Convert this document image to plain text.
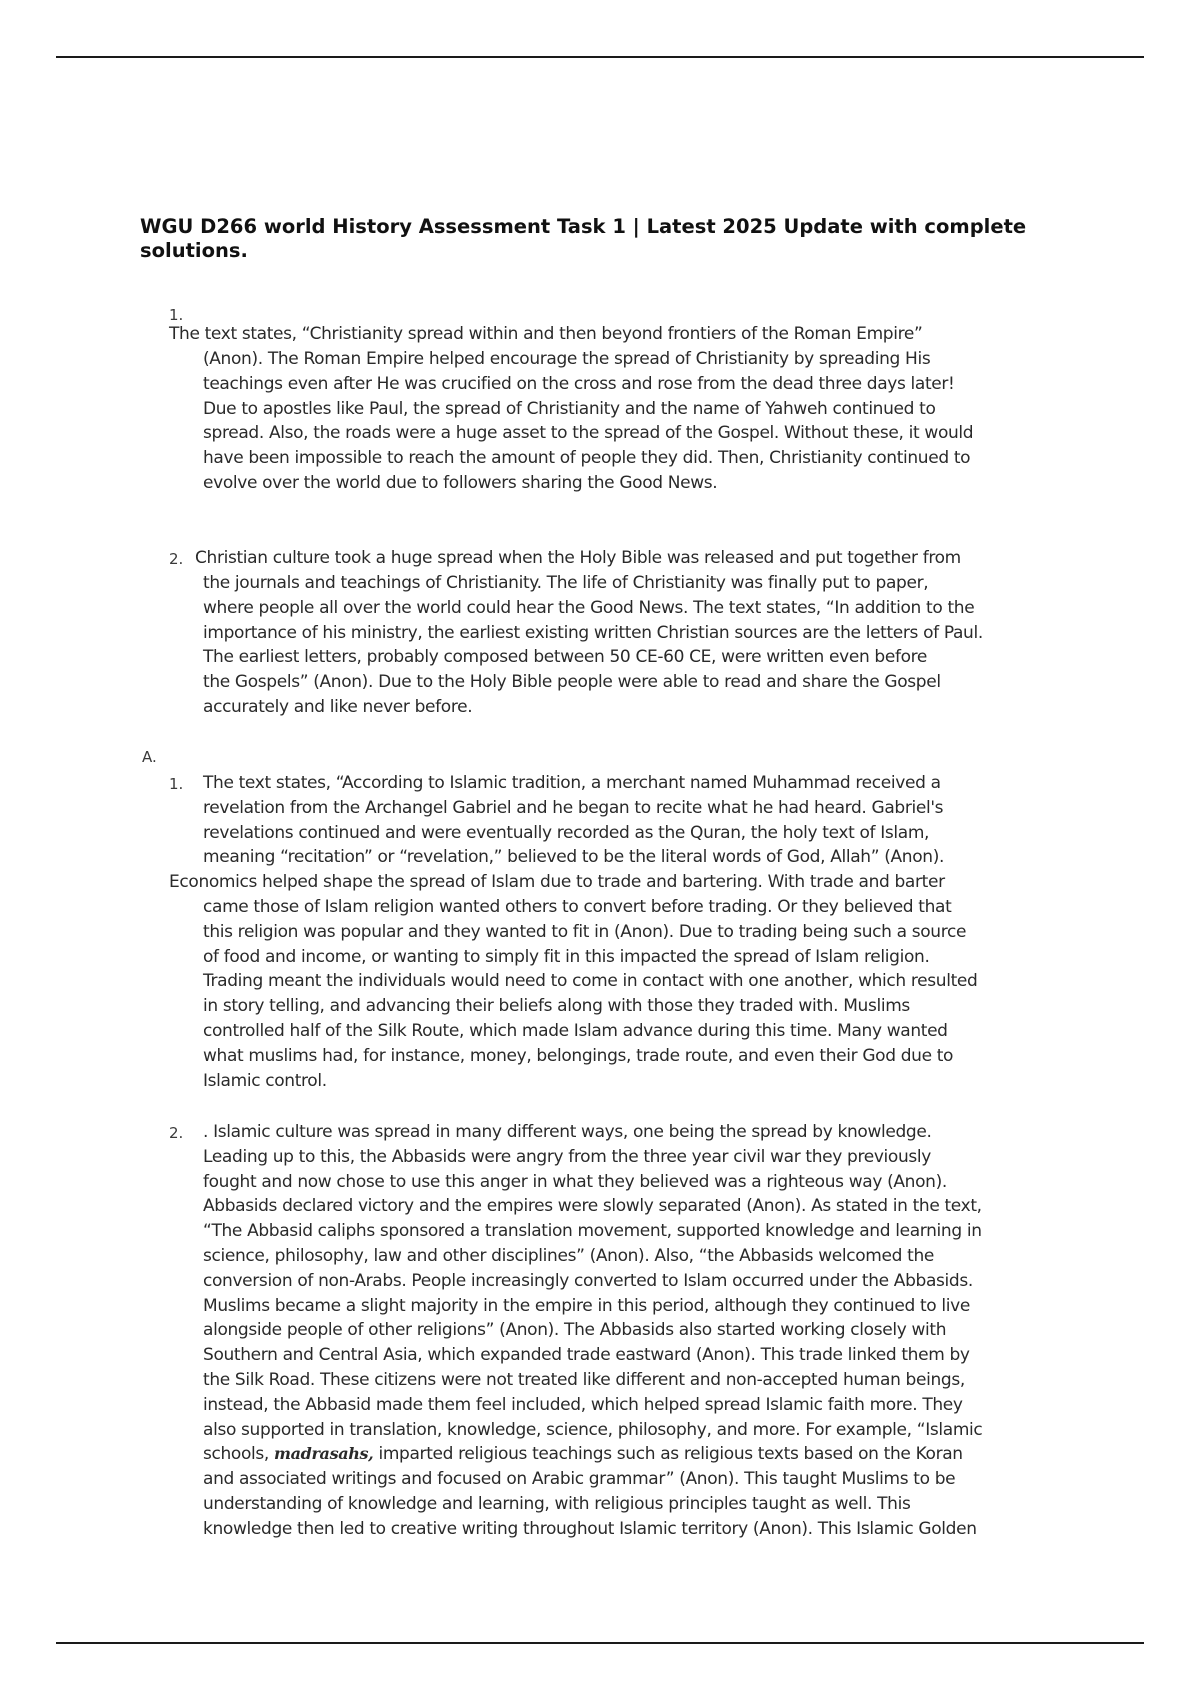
WGU D266 world History Assessment Task 1 | Latest 2025 Update with complete solutions.
1.
The text states, “Christianity spread within and then beyond frontiers of the Roman Empire”
(Anon). The Roman Empire helped encourage the spread of Christianity by spreading His
teachings even after He was crucified on the cross and rose from the dead three days later!
Due to apostles like Paul, the spread of Christianity and the name of Yahweh continued to
spread. Also, the roads were a huge asset to the spread of the Gospel. Without these, it would
have been impossible to reach the amount of people they did. Then, Christianity continued to
evolve over the world due to followers sharing the Good News.
2. Christian culture took a huge spread when the Holy Bible was released and put together from
the journals and teachings of Christianity. The life of Christianity was finally put to paper,
where people all over the world could hear the Good News. The text states, “In addition to the
importance of his ministry, the earliest existing written Christian sources are the letters of Paul.
The earliest letters, probably composed between 50 CE-60 CE, were written even before
the Gospels” (Anon). Due to the Holy Bible people were able to read and share the Gospel
accurately and like never before.
A.
1. The text states, “According to Islamic tradition, a merchant named Muhammad received a
revelation from the Archangel Gabriel and he began to recite what he had heard. Gabriel's
revelations continued and were eventually recorded as the Quran, the holy text of Islam,
meaning “recitation” or “revelation,” believed to be the literal words of God, Allah” (Anon).
Economics helped shape the spread of Islam due to trade and bartering. With trade and barter
came those of Islam religion wanted others to convert before trading. Or they believed that
this religion was popular and they wanted to fit in (Anon). Due to trading being such a source
of food and income, or wanting to simply fit in this impacted the spread of Islam religion.
Trading meant the individuals would need to come in contact with one another, which resulted
in story telling, and advancing their beliefs along with those they traded with. Muslims
controlled half of the Silk Route, which made Islam advance during this time. Many wanted
what muslims had, for instance, money, belongings, trade route, and even their God due to
Islamic control.
2. . Islamic culture was spread in many different ways, one being the spread by knowledge.
Leading up to this, the Abbasids were angry from the three year civil war they previously
fought and now chose to use this anger in what they believed was a righteous way (Anon).
Abbasids declared victory and the empires were slowly separated (Anon). As stated in the text,
“The Abbasid caliphs sponsored a translation movement, supported knowledge and learning in
science, philosophy, law and other disciplines” (Anon). Also, “the Abbasids welcomed the
conversion of non-Arabs. People increasingly converted to Islam occurred under the Abbasids.
Muslims became a slight majority in the empire in this period, although they continued to live
alongside people of other religions” (Anon). The Abbasids also started working closely with
Southern and Central Asia, which expanded trade eastward (Anon). This trade linked them by
the Silk Road. These citizens were not treated like different and non-accepted human beings,
instead, the Abbasid made them feel included, which helped spread Islamic faith more. They
also supported in translation, knowledge, science, philosophy, and more. For example, “Islamic
schools, madrasahs, imparted religious teachings such as religious texts based on the Koran
and associated writings and focused on Arabic grammar” (Anon). This taught Muslims to be
understanding of knowledge and learning, with religious principles taught as well. This
knowledge then led to creative writing throughout Islamic territory (Anon). This Islamic Golden
